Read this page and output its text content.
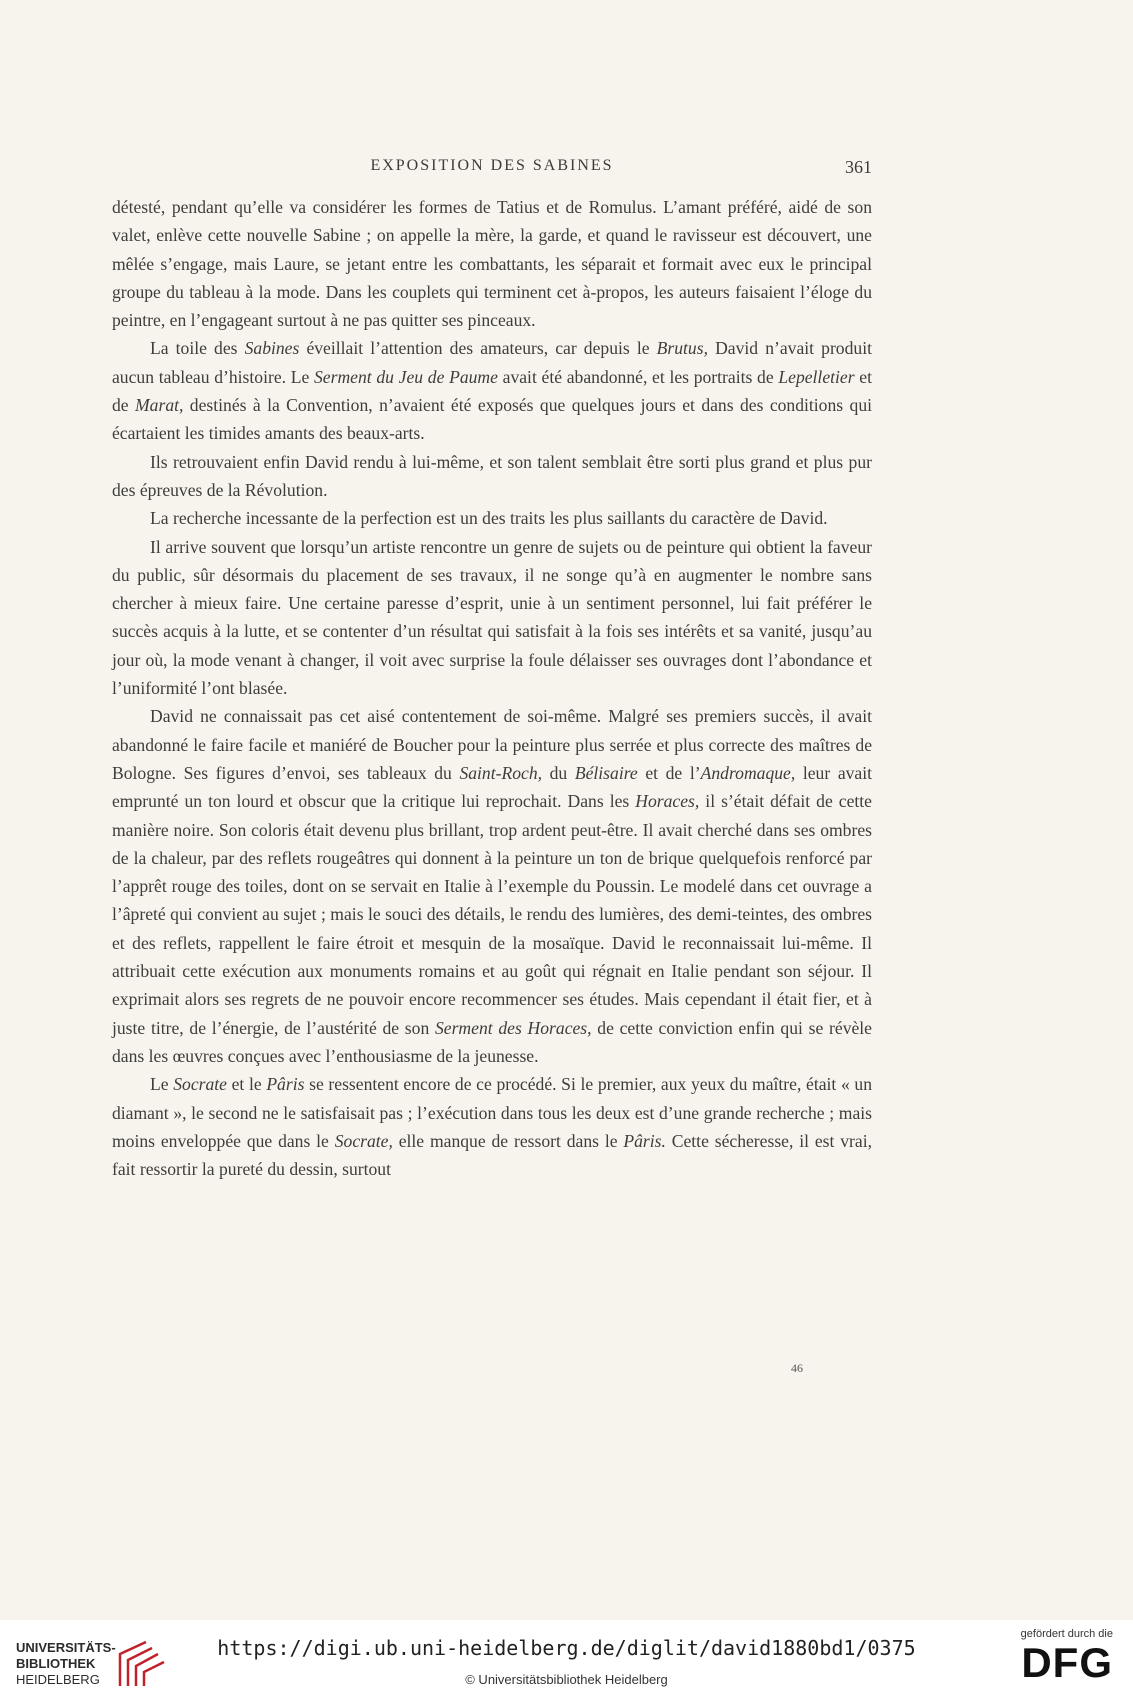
EXPOSITION DES SABINES	361

détesté, pendant qu’elle va considérer les formes de Tatius et de Romulus. L’amant préféré, aidé de son valet, enlève cette nouvelle Sabine ; on appelle la mère, la garde, et quand le ravisseur est découvert, une mêlée s’engage, mais Laure, se jetant entre les combattants, les séparait et formait avec eux le principal groupe du tableau à la mode. Dans les couplets qui terminent cet à-propos, les auteurs faisaient l’éloge du peintre, en l’engageant surtout à ne pas quitter ses pinceaux.

La toile des Sabines éveillait l’attention des amateurs, car depuis le Brutus, David n’avait produit aucun tableau d’histoire. Le Serment du Jeu de Paume avait été abandonné, et les portraits de Lepelletier et de Marat, destinés à la Convention, n’avaient été exposés que quelques jours et dans des conditions qui écartaient les timides amants des beaux-arts.

Ils retrouvaient enfin David rendu à lui-même, et son talent semblait être sorti plus grand et plus pur des épreuves de la Révolution.

La recherche incessante de la perfection est un des traits les plus saillants du caractère de David.

Il arrive souvent que lorsqu’un artiste rencontre un genre de sujets ou de peinture qui obtient la faveur du public, sûr désormais du placement de ses travaux, il ne songe qu’à en augmenter le nombre sans chercher à mieux faire. Une certaine paresse d’esprit, unie à un sentiment personnel, lui fait préférer le succès acquis à la lutte, et se contenter d’un résultat qui satisfait à la fois ses intérêts et sa vanité, jusqu’au jour où, la mode venant à changer, il voit avec surprise la foule délaisser ses ouvrages dont l’abondance et l’uniformité l’ont blasée.

David ne connaissait pas cet aisé contentement de soi-même. Malgré ses premiers succès, il avait abandonné le faire facile et maniéré de Boucher pour la peinture plus serrée et plus correcte des maîtres de Bologne. Ses figures d’envoi, ses tableaux du Saint-Roch, du Bélisaire et de l’Andromaque, leur avait emprunté un ton lourd et obscur que la critique lui reprochait. Dans les Horaces, il s’était défait de cette manière noire. Son coloris était devenu plus brillant, trop ardent peut-être. Il avait cherché dans ses ombres de la chaleur, par des reflets rougeâtres qui donnent à la peinture un ton de brique quelquefois renforcé par l’apprêt rouge des toiles, dont on se servait en Italie à l’exemple du Poussin. Le modelé dans cet ouvrage a l’âpreté qui convient au sujet ; mais le souci des détails, le rendu des lumières, des demi-teintes, des ombres et des reflets, rappellent le faire étroit et mesquin de la mosaïque. David le reconnaissait lui-même. Il attribuait cette exécution aux monuments romains et au goût qui régnait en Italie pendant son séjour. Il exprimait alors ses regrets de ne pouvoir encore recommencer ses études. Mais cependant il était fier, et à juste titre, de l’énergie, de l’austérité de son Serment des Horaces, de cette conviction enfin qui se révèle dans les œuvres conçues avec l’enthousiasme de la jeunesse.

Le Socrate et le Pâris se ressentent encore de ce procédé. Si le premier, aux yeux du maître, était « un diamant », le second ne le satisfaisait pas ; l’exécution dans tous les deux est d’une grande recherche ; mais moins enveloppée que dans le Socrate, elle manque de ressort dans le Pâris. Cette sécheresse, il est vrai, fait ressortir la pureté du dessin, surtout

46
UNIVERSITÄTS-
BIBLIOTHEK
HEIDELBERG
https://digi.ub.uni-heidelberg.de/diglit/david1880bd1/0375
© Universitätsbibliothek Heidelberg
gefördert durch die
DFG
